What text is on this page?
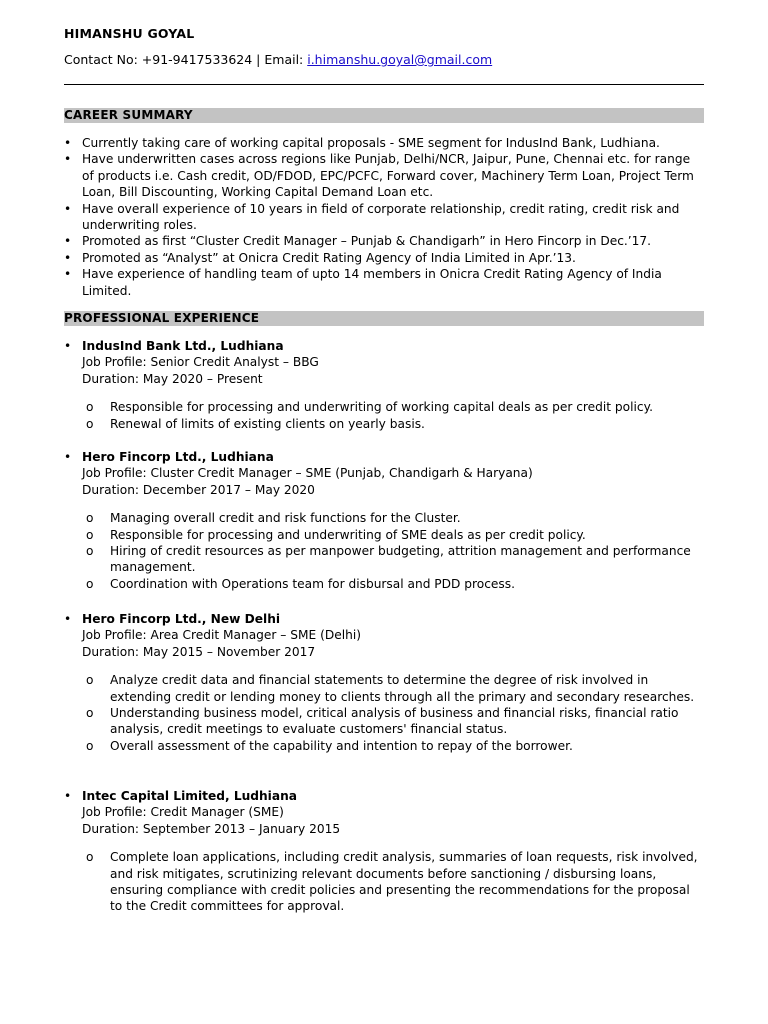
HIMANSHU GOYAL
Contact No: +91-9417533624 | Email: i.himanshu.goyal@gmail.com
CAREER SUMMARY
• Currently taking care of working capital proposals - SME segment for IndusInd Bank, Ludhiana.
• Have underwritten cases across regions like Punjab, Delhi/NCR, Jaipur, Pune, Chennai etc. for range of products i.e. Cash credit, OD/FDOD, EPC/PCFC, Forward cover, Machinery Term Loan, Project Term Loan, Bill Discounting, Working Capital Demand Loan etc.
• Have overall experience of 10 years in field of corporate relationship, credit rating, credit risk and underwriting roles.
• Promoted as first “Cluster Credit Manager – Punjab & Chandigarh” in Hero Fincorp in Dec.’17.
• Promoted as “Analyst” at Onicra Credit Rating Agency of India Limited in Apr.’13.
• Have experience of handling team of upto 14 members in Onicra Credit Rating Agency of India Limited.
PROFESSIONAL EXPERIENCE
• IndusInd Bank Ltd., Ludhiana
Job Profile: Senior Credit Analyst – BBG
Duration: May 2020 – Present
o Responsible for processing and underwriting of working capital deals as per credit policy.
o Renewal of limits of existing clients on yearly basis.
• Hero Fincorp Ltd., Ludhiana
Job Profile: Cluster Credit Manager – SME (Punjab, Chandigarh & Haryana)
Duration: December 2017 – May 2020
o Managing overall credit and risk functions for the Cluster.
o Responsible for processing and underwriting of SME deals as per credit policy.
o Hiring of credit resources as per manpower budgeting, attrition management and performance management.
o Coordination with Operations team for disbursal and PDD process.
• Hero Fincorp Ltd., New Delhi
Job Profile: Area Credit Manager – SME (Delhi)
Duration: May 2015 – November 2017
o Analyze credit data and financial statements to determine the degree of risk involved in extending credit or lending money to clients through all the primary and secondary researches.
o Understanding business model, critical analysis of business and financial risks, financial ratio analysis, credit meetings to evaluate customers' financial status.
o Overall assessment of the capability and intention to repay of the borrower.
• Intec Capital Limited, Ludhiana
Job Profile: Credit Manager (SME)
Duration: September 2013 – January 2015
o Complete loan applications, including credit analysis, summaries of loan requests, risk involved, and risk mitigates, scrutinizing relevant documents before sanctioning / disbursing loans, ensuring compliance with credit policies and presenting the recommendations for the proposal to the Credit committees for approval.
